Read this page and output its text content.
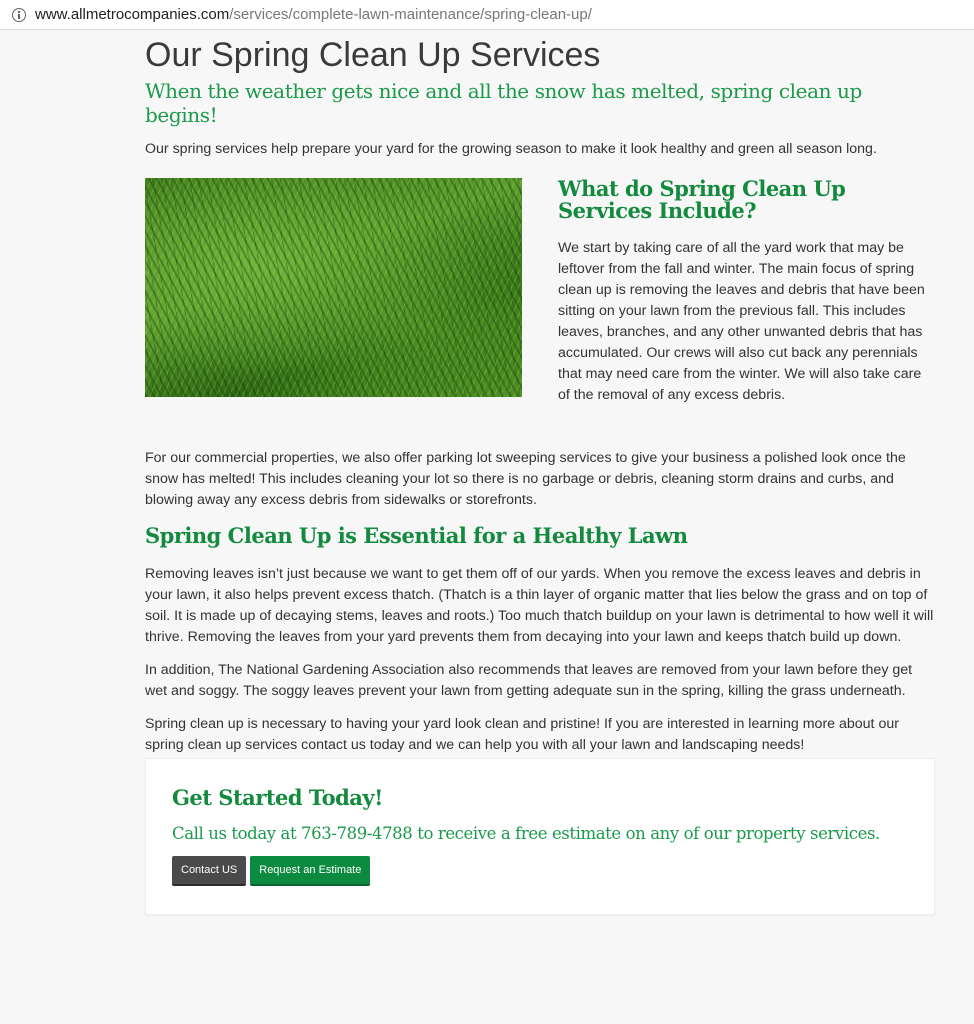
www.allmetrocompanies.com/services/complete-lawn-maintenance/spring-clean-up/
Our Spring Clean Up Services
When the weather gets nice and all the snow has melted, spring clean up begins!

Our spring services help prepare your yard for the growing season to make it look healthy and green all season long.

What do Spring Clean Up Services Include?

We start by taking care of all the yard work that may be leftover from the fall and winter. The main focus of spring clean up is removing the leaves and debris that have been sitting on your lawn from the previous fall. This includes leaves, branches, and any other unwanted debris that has accumulated. Our crews will also cut back any perennials that may need care from the winter. We will also take care of the removal of any excess debris.

For our commercial properties, we also offer parking lot sweeping services to give your business a polished look once the snow has melted! This includes cleaning your lot so there is no garbage or debris, cleaning storm drains and curbs, and blowing away any excess debris from sidewalks or storefronts.

Spring Clean Up is Essential for a Healthy Lawn

Removing leaves isn’t just because we want to get them off of our yards. When you remove the excess leaves and debris in your lawn, it also helps prevent excess thatch. (Thatch is a thin layer of organic matter that lies below the grass and on top of soil. It is made up of decaying stems, leaves and roots.) Too much thatch buildup on your lawn is detrimental to how well it will thrive. Removing the leaves from your yard prevents them from decaying into your lawn and keeps thatch build up down.

In addition, The National Gardening Association also recommends that leaves are removed from your lawn before they get wet and soggy. The soggy leaves prevent your lawn from getting adequate sun in the spring, killing the grass underneath.

Spring clean up is necessary to having your yard look clean and pristine! If you are interested in learning more about our spring clean up services contact us today and we can help you with all your lawn and landscaping needs!

Get Started Today!
Call us today at 763-789-4788 to receive a free estimate on any of our property services.
Contact US	Request an Estimate
